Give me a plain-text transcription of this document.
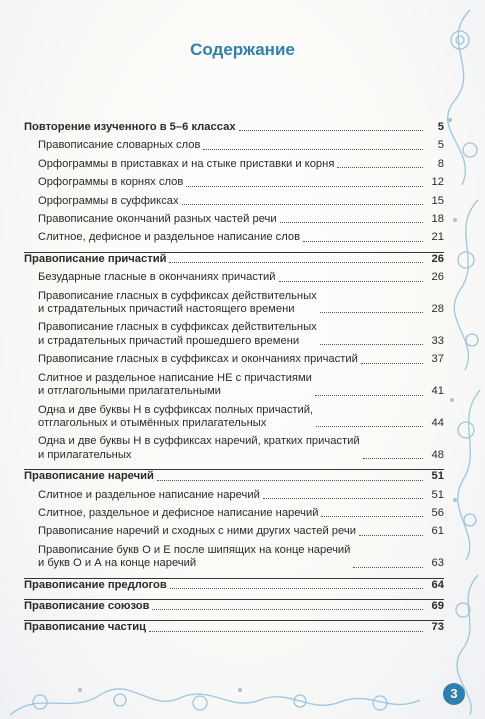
Содержание
Повторение изученного в 5–6 классах	5
Правописание словарных слов	5
Орфограммы в приставках и на стыке приставки и корня	8
Орфограммы в корнях слов	12
Орфограммы в суффиксах	15
Правописание окончаний разных частей речи	18
Слитное, дефисное и раздельное написание слов	21
Правописание причастий	26
Безударные гласные в окончаниях причастий	26
Правописание гласных в суффиксах действительных
и страдательных причастий настоящего времени	28
Правописание гласных в суффиксах действительных
и страдательных причастий прошедшего времени	33
Правописание гласных в суффиксах и окончаниях причастий	37
Слитное и раздельное написание НЕ с причастиями
и отглагольными прилагательными	41
Одна и две буквы Н в суффиксах полных причастий,
отглагольных и отымённых прилагательных	44
Одна и две буквы Н в суффиксах наречий, кратких причастий
и прилагательных	48
Правописание наречий	51
Слитное и раздельное написание наречий	51
Слитное, раздельное и дефисное написание наречий	56
Правописание наречий и сходных с ними других частей речи	61
Правописание букв О и Е после шипящих на конце наречий
и букв О и А на конце наречий	63
Правописание предлогов	64
Правописание союзов	69
Правописание частиц	73
3
